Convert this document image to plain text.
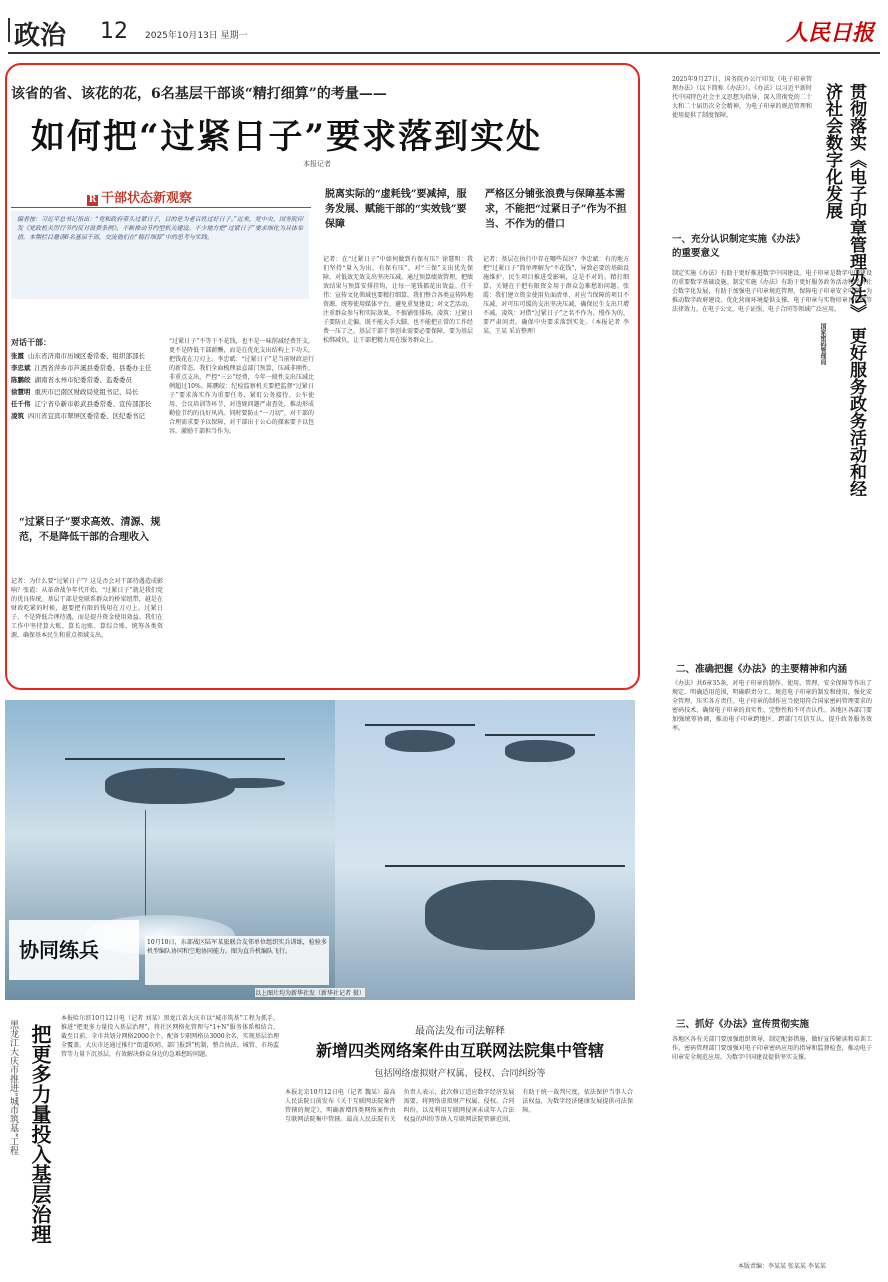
政治 12 2025年10月13日 星期一	人民日报
该省的省、该花的花，6名基层干部谈“精打细算”的考量——
如何把“过紧日子”要求落到实处
本报记者
R 干部状态新观察
编者按：习近平总书记指出：“党和政府带头过紧日子，目的是为老百姓过好日子。”近来，党中央、国务院印发《党政机关厉行节约反对浪费条例》，不断推动节约型机关建设。不少地方把“过紧日子”要求细化为具体举措。本期栏目邀请6名基层干部，交流他们在“精打细算”中的思考与实践。
对话干部：
张霞 山东省济南市历城区委常委、组织部部长
李忠斌 江西省萍乡市芦溪县委常委、县委办主任
陈鹏皎 湖南省永州市纪委常委、监委委员
徐慧明 重庆市巴南区财政局党组书记、局长
任千伟 辽宁省阜新市彰武县委常委、宣传部部长
凌筑 四川省宜宾市翠屏区委常委、区纪委书记
“过紧日子”要求高效、清源、规范，不是降低干部的合理收入
记者：为什么要“过紧日子”？这是否会对干部待遇造成影响？张霞：从革命战争年代开始，“过紧日子”就是我们党的优良传统。基层干部是党联系群众的桥梁纽带，越是在财政吃紧的时候，越要把有限的钱用在刀刃上。过紧日子，不是降低合理待遇，而是提升资金使用效益。我们在工作中坚持算大账、算长远账、算综合账，统筹各类资源，确保基本民生和重点领域支出。
“过紧日子”不等于不花钱，也不是一味削减经费开支，更不是降低干部薪酬，而是在优化支出结构上下功夫，把钱花在刀刃上。李忠斌：“过紧日子”是当前财政运行的新常态。我们全面梳理县直部门预算，压减非刚性、非重点支出，严控“三公”经费，今年一般性支出压减比例超过10%。陈鹏皎：纪检监察机关要把监督“过紧日子”要求落实作为重要任务，紧盯公务接待、公车使用、会议培训等环节，对违规问题严肃查处，推动形成勤俭节约的良好风尚。同时要防止“一刀切”，对干部的合理需求要予以保障，对干部出于公心的探索要予以包容，激励干部担当作为。
脱离实际的“虚耗钱”要减掉，服务发展、赋能干部的“实效钱”要保障
记者：在“过紧日子”中如何做到有保有压？徐慧明：我们坚持“量入为出、有保有压”，对“三保”支出优先保障，对低效无效支出坚决压减。通过预算绩效管理，把绩效结果与预算安排挂钩，让每一笔钱都花出效益。任千伟：宣传文化领域也要精打细算。我们整合各类宣传阵地资源，统筹使用媒体平台，避免重复建设；对文艺活动，注重群众参与和实际效果，不搞铺张排场。凌筑：过紧日子要防止走偏，既不能大手大脚，也不能把正常的工作经费一压了之。基层干部干事创业需要必要保障，要为基层松绑减负，让干部把精力用在服务群众上。
严格区分铺张浪费与保障基本需求，不能把“过紧日子”作为不担当、不作为的借口
记者：基层在执行中存在哪些误区？李忠斌：有的地方把“过紧日子”简单理解为“不花钱”，导致必要的基础设施维护、民生项目推进受影响，这是不对的。精打细算，关键在于把有限资金用于群众急难愁盼问题。张霞：我们建立资金使用负面清单，对应当保障的项目不压减，对可压可缓的支出坚决压减，确保民生支出只增不减。凌筑：对借“过紧日子”之名不作为、慢作为的，要严肃问责，确保中央要求落到实处。（本报记者 李某、王某 采访整理）
2025年9月27日，国务院办公厅印发《电子印章管理办法》（以下简称《办法》）。《办法》以习近平新时代中国特色社会主义思想为指导，深入贯彻党的二十大和二十届历次全会精神，为电子印章的规范管理和使用提供了制度保障。	贯彻落实《电子印章管理办法》 更好服务政务活动和经济社会数字化发展
国家密码管理局
一、充分认识制定实施《办法》的重要意义
制定实施《办法》有助于更好推进数字中国建设。电子印章是数字中国建设的重要数字基础设施。制定实施《办法》有助于更好服务政务活动和经济社会数字化发展，有助于加强电子印章规范管理，保障电子印章安全可靠，为推动数字政府建设、优化营商环境提供支撑。电子印章与实物印章具有同等法律效力，在电子公文、电子证照、电子合同等领域广泛应用。
二、准确把握《办法》的主要精神和内涵
《办法》共6章35条，对电子印章的制作、使用、管理、安全保障等作出了规定。明确适用范围，明确职责分工，规范电子印章的制发和使用，强化安全管理，压实各方责任。电子印章的制作应当使用符合国家密码管理要求的密码技术，确保电子印章的真实性、完整性和不可否认性。各地区各部门要加强统筹协调，推动电子印章跨地区、跨部门互信互认，提升政务服务效率。
三、抓好《办法》宣传贯彻实施
各地区各有关部门要加强组织领导，制定配套措施，做好宣传解读和培训工作。密码管理部门要加强对电子印章密码应用的指导和监督检查，推动电子印章安全规范应用，为数字中国建设提供坚实支撑。
本版责编：李某某 张某某 李某某
协同练兵	10月10日，东部战区陆军某旅联合友邻单位组织实兵训练，检验多机型编队协同和空地协同能力。图为直升机编队飞行。
以上图片均为新华社发（新华社记者 摄）
黑龙江大庆市推进“城市筑基”工程 把更多力量投入基层治理
本报哈尔滨10月12日电（记者 刘某）黑龙江省大庆市以“城市筑基”工程为抓手，推进“把更多力量投入基层治理”，将社区网格化管理与“1+N”服务体系相结合，截至目前，全市共划分网格2000余个，配备专职网格员3000余名，实现基层治理全覆盖。大庆市还通过推行“街道吹哨、部门报到”机制，整合执法、城管、市场监管等力量下沉基层，有效解决群众身边的急难愁盼问题。
最高法发布司法解释
新增四类网络案件由互联网法院集中管辖
包括网络虚拟财产权属、侵权、合同纠纷等
本报北京10月12日电（记者 魏某）最高人民法院日前发布《关于互联网法院案件管辖的规定》，明确新增四类网络案件由互联网法院集中管辖。最高人民法院有关负责人表示，此次修订适应数字经济发展需要，将网络虚拟财产权属、侵权、合同纠纷，以及利用互联网侵害未成年人合法权益的纠纷等纳入互联网法院管辖范围，有助于统一裁判尺度，依法保护当事人合法权益，为数字经济健康发展提供司法保障。
